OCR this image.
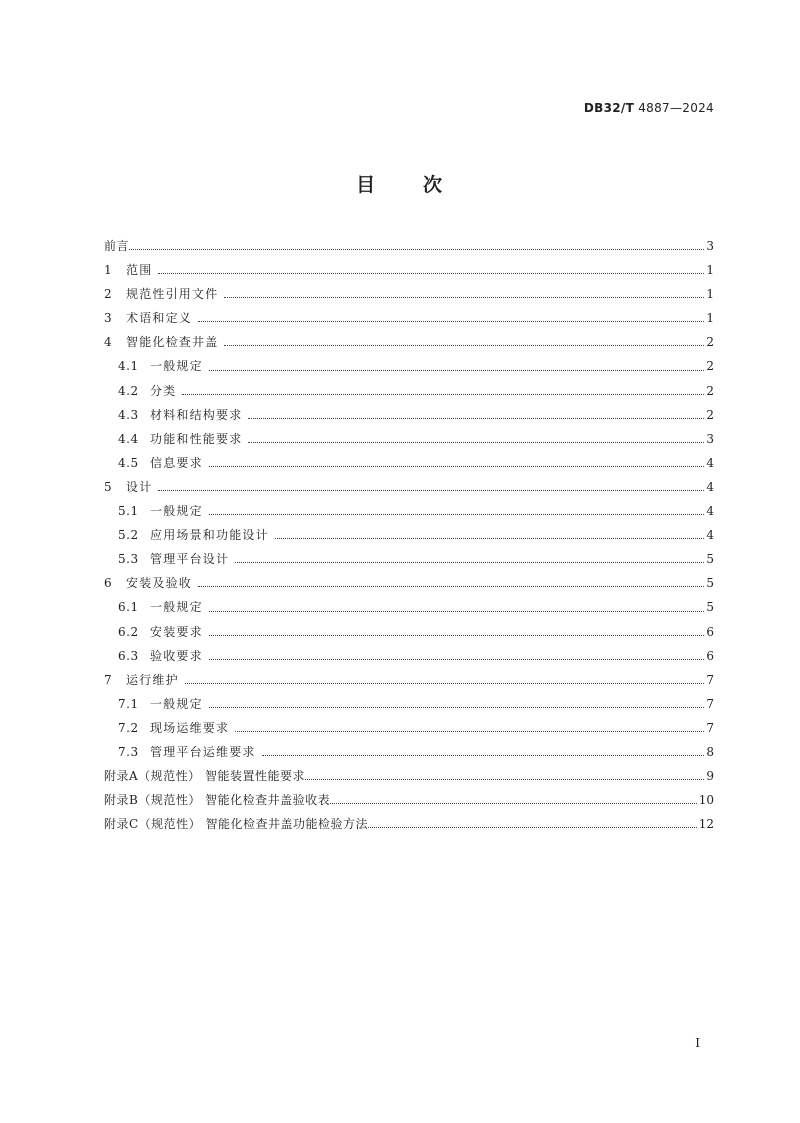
DB32/T 4887—2024
目 次
前言	3
1	范围	1
2	规范性引用文件	1
3	术语和定义	1
4	智能化检查井盖	2
4.1 一般规定	2
4.2 分类	2
4.3 材料和结构要求	2
4.4 功能和性能要求	3
4.5 信息要求	4
5	设计	4
5.1 一般规定	4
5.2 应用场景和功能设计	4
5.3 管理平台设计	5
6	安装及验收	5
6.1 一般规定	5
6.2 安装要求	6
6.3 验收要求	6
7	运行维护	7
7.1 一般规定	7
7.2 现场运维要求	7
7.3 管理平台运维要求	8
附录A（规范性） 智能装置性能要求	9
附录B（规范性） 智能化检查井盖验收表	10
附录C（规范性） 智能化检查井盖功能检验方法	12
I
